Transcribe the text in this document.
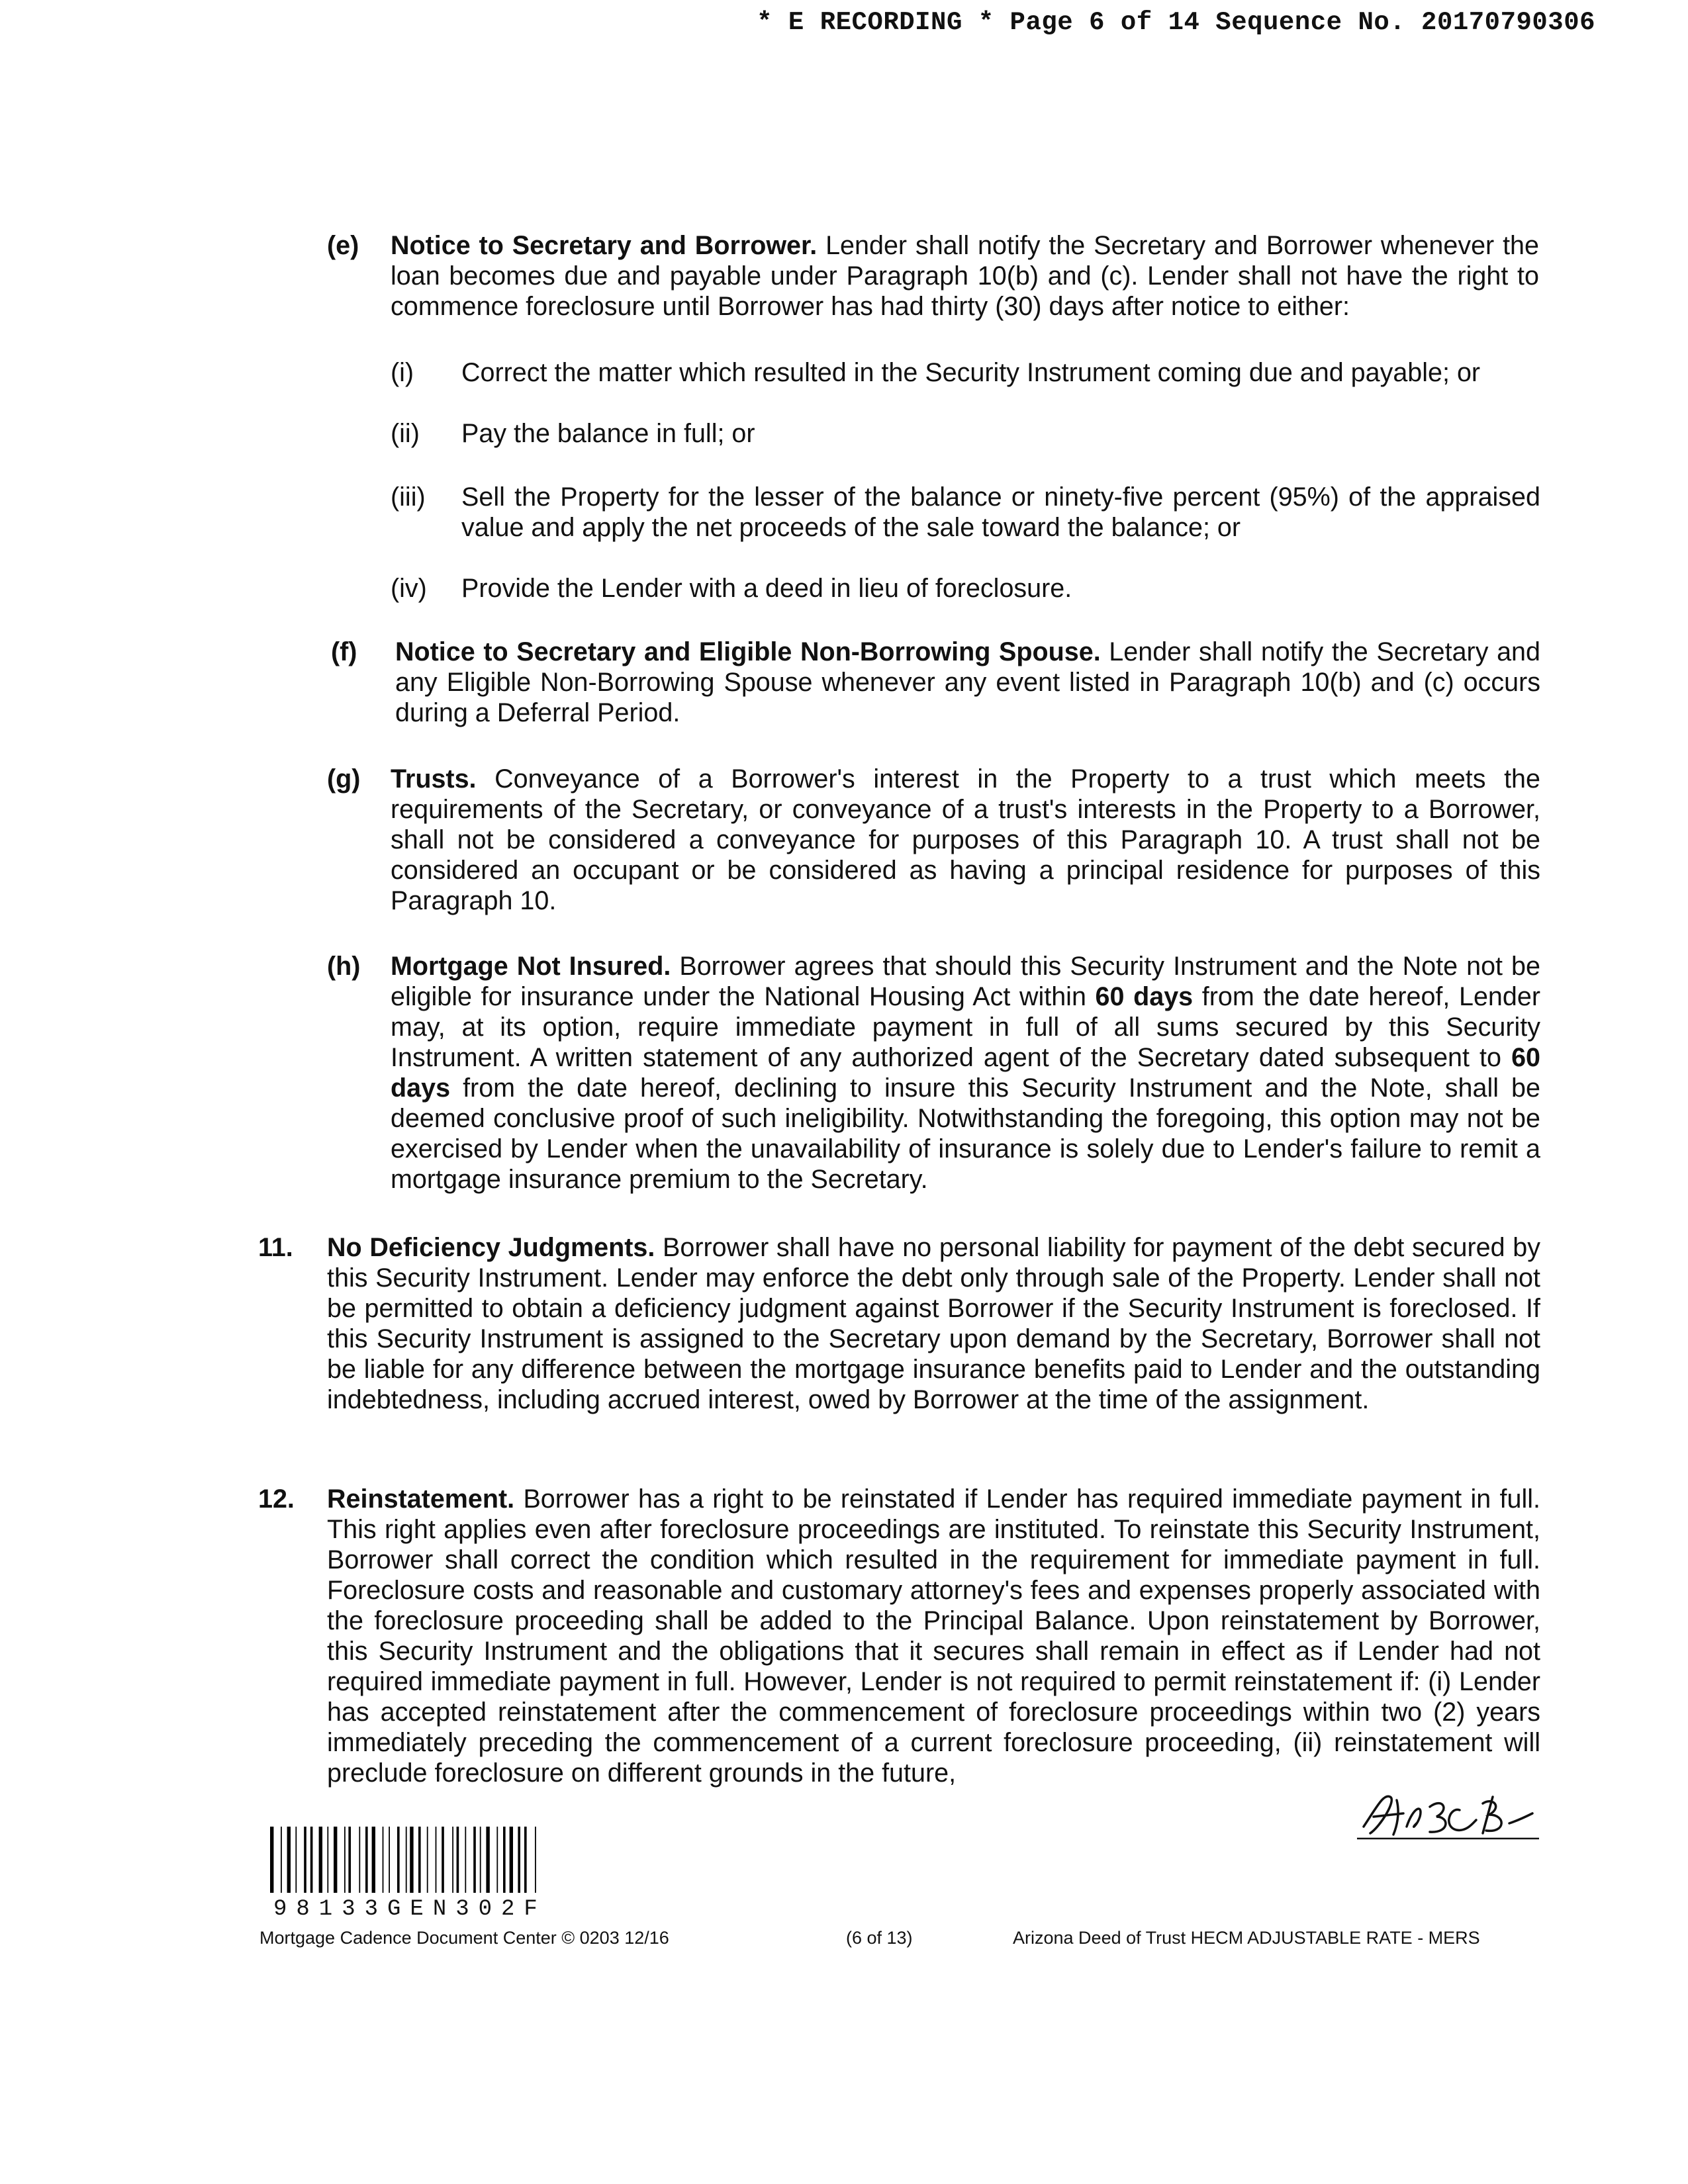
* E RECORDING * Page 6 of 14 Sequence No. 20170790306
(e) Notice to Secretary and Borrower. Lender shall notify the Secretary and Borrower whenever the loan becomes due and payable under Paragraph 10(b) and (c). Lender shall not have the right to commence foreclosure until Borrower has had thirty (30) days after notice to either:
(i) Correct the matter which resulted in the Security Instrument coming due and payable; or
(ii) Pay the balance in full; or
(iii) Sell the Property for the lesser of the balance or ninety-five percent (95%) of the appraised value and apply the net proceeds of the sale toward the balance; or
(iv) Provide the Lender with a deed in lieu of foreclosure.
(f) Notice to Secretary and Eligible Non-Borrowing Spouse. Lender shall notify the Secretary and any Eligible Non-Borrowing Spouse whenever any event listed in Paragraph 10(b) and (c) occurs during a Deferral Period.
(g) Trusts. Conveyance of a Borrower's interest in the Property to a trust which meets the requirements of the Secretary, or conveyance of a trust's interests in the Property to a Borrower, shall not be considered a conveyance for purposes of this Paragraph 10. A trust shall not be considered an occupant or be considered as having a principal residence for purposes of this Paragraph 10.
(h) Mortgage Not Insured. Borrower agrees that should this Security Instrument and the Note not be eligible for insurance under the National Housing Act within 60 days from the date hereof, Lender may, at its option, require immediate payment in full of all sums secured by this Security Instrument. A written statement of any authorized agent of the Secretary dated subsequent to 60 days from the date hereof, declining to insure this Security Instrument and the Note, shall be deemed conclusive proof of such ineligibility. Notwithstanding the foregoing, this option may not be exercised by Lender when the unavailability of insurance is solely due to Lender's failure to remit a mortgage insurance premium to the Secretary.
11. No Deficiency Judgments. Borrower shall have no personal liability for payment of the debt secured by this Security Instrument. Lender may enforce the debt only through sale of the Property. Lender shall not be permitted to obtain a deficiency judgment against Borrower if the Security Instrument is foreclosed. If this Security Instrument is assigned to the Secretary upon demand by the Secretary, Borrower shall not be liable for any difference between the mortgage insurance benefits paid to Lender and the outstanding indebtedness, including accrued interest, owed by Borrower at the time of the assignment.
12. Reinstatement. Borrower has a right to be reinstated if Lender has required immediate payment in full. This right applies even after foreclosure proceedings are instituted. To reinstate this Security Instrument, Borrower shall correct the condition which resulted in the requirement for immediate payment in full. Foreclosure costs and reasonable and customary attorney's fees and expenses properly associated with the foreclosure proceeding shall be added to the Principal Balance. Upon reinstatement by Borrower, this Security Instrument and the obligations that it secures shall remain in effect as if Lender had not required immediate payment in full. However, Lender is not required to permit reinstatement if: (i) Lender has accepted reinstatement after the commencement of foreclosure proceedings within two (2) years immediately preceding the commencement of a current foreclosure proceeding, (ii) reinstatement will preclude foreclosure on different grounds in the future,
98133GEN302F
Mortgage Cadence Document Center © 0203 12/16	(6 of 13)	Arizona Deed of Trust HECM ADJUSTABLE RATE - MERS
